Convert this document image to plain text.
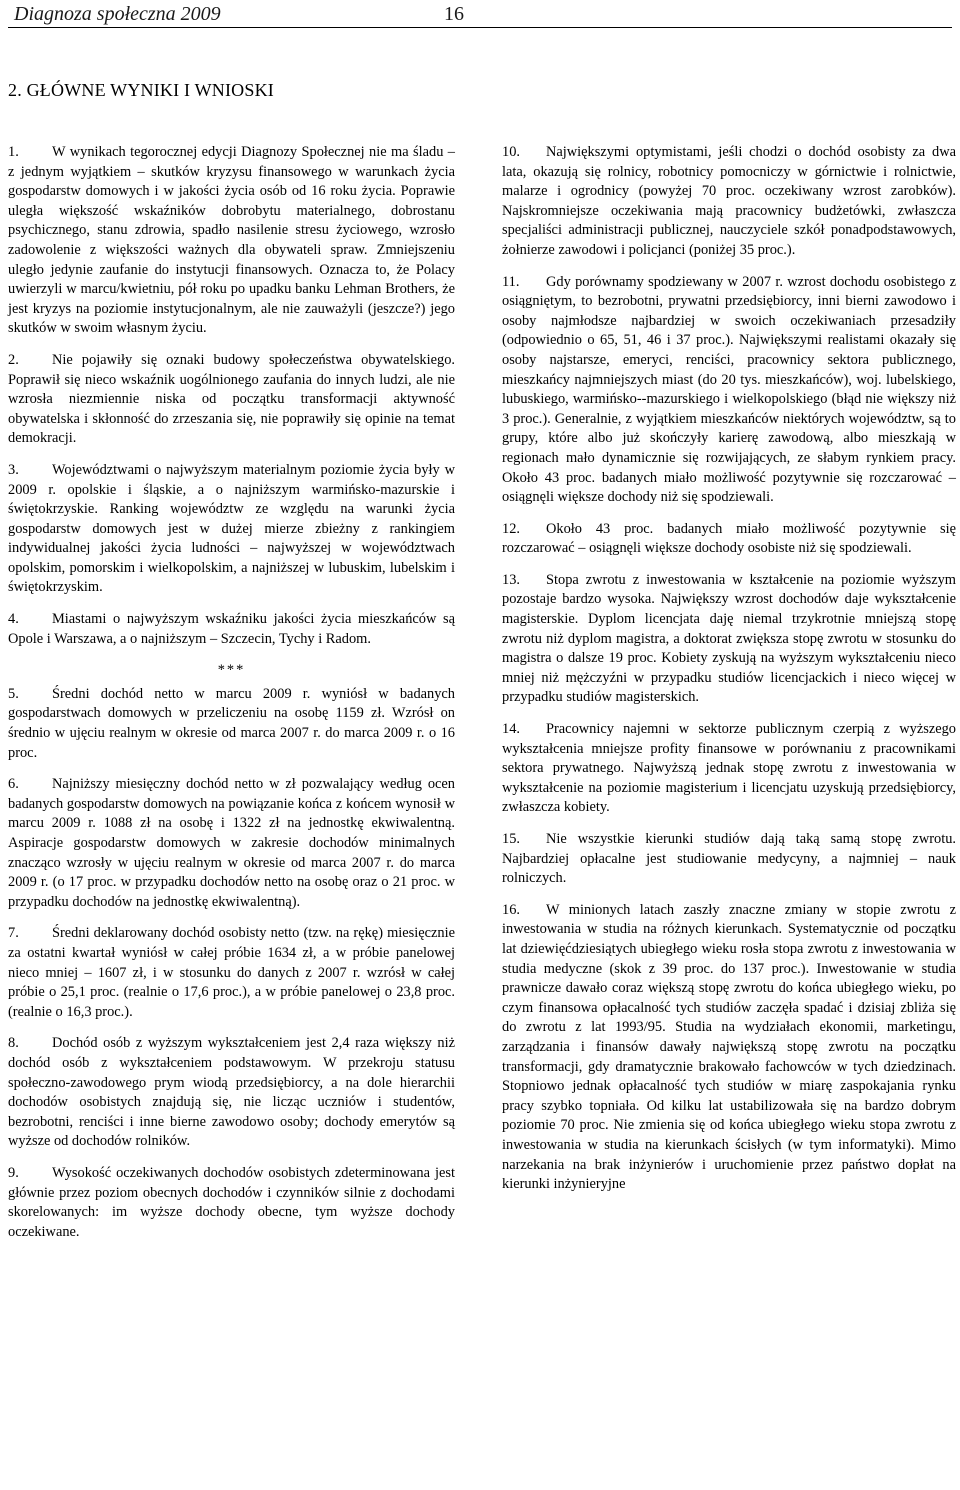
Diagnoza społeczna 2009	16
2. GŁÓWNE WYNIKI I WNIOSKI

1. W wynikach tegorocznej edycji Diagnozy Społecznej nie ma śladu – z jednym wyjątkiem – skutków kryzysu finansowego w warunkach życia gospodarstw domowych i w jakości życia osób od 16 roku życia. Poprawie uległa większość wskaźników dobrobytu materialnego, dobrostanu psychicznego, stanu zdrowia, spadło nasilenie stresu życiowego, wzrosło zadowolenie z większości ważnych dla obywateli spraw. Zmniejszeniu uległo jedynie zaufanie do instytucji finansowych. Oznacza to, że Polacy uwierzyli w marcu/kwietniu, pół roku po upadku banku Lehman Brothers, że jest kryzys na poziomie instytucjonalnym, ale nie zauważyli (jeszcze?) jego skutków w swoim własnym życiu.

2. Nie pojawiły się oznaki budowy społeczeństwa obywatelskiego. Poprawił się nieco wskaźnik uogólnionego zaufania do innych ludzi, ale nie wzrosła niezmiennie niska od początku transformacji aktywność obywatelska i skłonność do zrzeszania się, nie poprawiły się opinie na temat demokracji.

3. Województwami o najwyższym materialnym poziomie życia były w 2009 r. opolskie i śląskie, a o najniższym warmińsko-mazurskie i świętokrzyskie. Ranking województw ze względu na warunki życia gospodarstw domowych jest w dużej mierze zbieżny z rankingiem indywidualnej jakości życia ludności – najwyższej w województwach opolskim, pomorskim i wielkopolskim, a najniższej w lubuskim, lubelskim i świętokrzyskim.

4. Miastami o najwyższym wskaźniku jakości życia mieszkańców są Opole i Warszawa, a o najniższym – Szczecin, Tychy i Radom.

***

5. Średni dochód netto w marcu 2009 r. wyniósł w badanych gospodarstwach domowych w przeliczeniu na osobę 1159 zł. Wzrósł on średnio w ujęciu realnym w okresie od marca 2007 r. do marca 2009 r. o 16 proc.

6. Najniższy miesięczny dochód netto w zł pozwalający według ocen badanych gospodarstw domowych na powiązanie końca z końcem wynosił w marcu 2009 r. 1088 zł na osobę i 1322 zł na jednostkę ekwiwalentną. Aspiracje gospodarstw domowych w zakresie dochodów minimalnych znacząco wzrosły w ujęciu realnym w okresie od marca 2007 r. do marca 2009 r. (o 17 proc. w przypadku dochodów netto na osobę oraz o 21 proc. w przypadku dochodów na jednostkę ekwiwalentną).

7. Średni deklarowany dochód osobisty netto (tzw. na rękę) miesięcznie za ostatni kwartał wyniósł w całej próbie 1634 zł, a w próbie panelowej nieco mniej – 1607 zł, i w stosunku do danych z 2007 r. wzrósł w całej próbie o 25,1 proc. (realnie o 17,6 proc.), a w próbie panelowej o 23,8 proc. (realnie o 16,3 proc.).

8. Dochód osób z wyższym wykształceniem jest 2,4 raza większy niż dochód osób z wykształceniem podstawowym. W przekroju statusu społeczno-zawodowego prym wiodą przedsiębiorcy, a na dole hierarchii dochodów osobistych znajdują się, nie licząc uczniów i studentów, bezrobotni, renciści i inne bierne zawodowo osoby; dochody emerytów są wyższe od dochodów rolników.

9. Wysokość oczekiwanych dochodów osobistych zdeterminowana jest głównie przez poziom obecnych dochodów i czynników silnie z dochodami skorelowanych: im wyższe dochody obecne, tym wyższe dochody oczekiwane.

10. Największymi optymistami, jeśli chodzi o dochód osobisty za dwa lata, okazują się rolnicy, robotnicy pomocniczy w górnictwie i rolnictwie, malarze i ogrodnicy (powyżej 70 proc. oczekiwany wzrost zarobków). Najskromniejsze oczekiwania mają pracownicy budżetówki, zwłaszcza specjaliści administracji publicznej, nauczyciele szkół ponadpodstawowych, żołnierze zawodowi i policjanci (poniżej 35 proc.).

11. Gdy porównamy spodziewany w 2007 r. wzrost dochodu osobistego z osiągniętym, to bezrobotni, prywatni przedsiębiorcy, inni bierni zawodowo i osoby najmłodsze najbardziej w swoich oczekiwaniach przesadziły (odpowiednio o 65, 51, 46 i 37 proc.). Największymi realistami okazały się osoby najstarsze, emeryci, renciści, pracownicy sektora publicznego, mieszkańcy najmniejszych miast (do 20 tys. mieszkańców), woj. lubelskiego, lubuskiego, warmińsko--mazurskiego i wielkopolskiego (błąd nie większy niż 3 proc.). Generalnie, z wyjątkiem mieszkańców niektórych województw, są to grupy, które albo już skończyły karierę zawodową, albo mieszkają w regionach mało dynamicznie się rozwijających, ze słabym rynkiem pracy. Około 43 proc. badanych miało możliwość pozytywnie się rozczarować – osiągnęli większe dochody niż się spodziewali.

12. Około 43 proc. badanych miało możliwość pozytywnie się rozczarować – osiągnęli większe dochody osobiste niż się spodziewali.

13. Stopa zwrotu z inwestowania w kształcenie na poziomie wyższym pozostaje bardzo wysoka. Największy wzrost dochodów daje wykształcenie magisterskie. Dyplom licencjata daję niemal trzykrotnie mniejszą stopę zwrotu niż dyplom magistra, a doktorat zwiększa stopę zwrotu w stosunku do magistra o dalsze 19 proc. Kobiety zyskują na wyższym wykształceniu nieco mniej niż mężczyźni w przypadku studiów licencjackich i nieco więcej w przypadku studiów magisterskich.

14. Pracownicy najemni w sektorze publicznym czerpią z wyższego wykształcenia mniejsze profity finansowe w porównaniu z pracownikami sektora prywatnego. Najwyższą jednak stopę zwrotu z inwestowania w wykształcenie na poziomie magisterium i licencjatu uzyskują przedsiębiorcy, zwłaszcza kobiety.

15. Nie wszystkie kierunki studiów dają taką samą stopę zwrotu. Najbardziej opłacalne jest studiowanie medycyny, a najmniej – nauk rolniczych.

16. W minionych latach zaszły znaczne zmiany w stopie zwrotu z inwestowania w studia na różnych kierunkach. Systematycznie od początku lat dziewięćdziesiątych ubiegłego wieku rosła stopa zwrotu z inwestowania w studia medyczne (skok z 39 proc. do 137 proc.). Inwestowanie w studia prawnicze dawało coraz większą stopę zwrotu do końca ubiegłego wieku, po czym finansowa opłacalność tych studiów zaczęła spadać i dzisiaj zbliża się do zwrotu z lat 1993/95. Studia na wydziałach ekonomii, marketingu, zarządzania i finansów dawały największą stopę zwrotu na początku transformacji, gdy dramatycznie brakowało fachowców w tych dziedzinach. Stopniowo jednak opłacalność tych studiów w miarę zaspokajania rynku pracy szybko topniała. Od kilku lat ustabilizowała się na bardzo dobrym poziomie 70 proc. Nie zmienia się od końca ubiegłego wieku stopa zwrotu z inwestowania w studia na kierunkach ścisłych (w tym informatyki). Mimo narzekania na brak inżynierów i uruchomienie przez państwo dopłat na kierunki inżynieryjne
